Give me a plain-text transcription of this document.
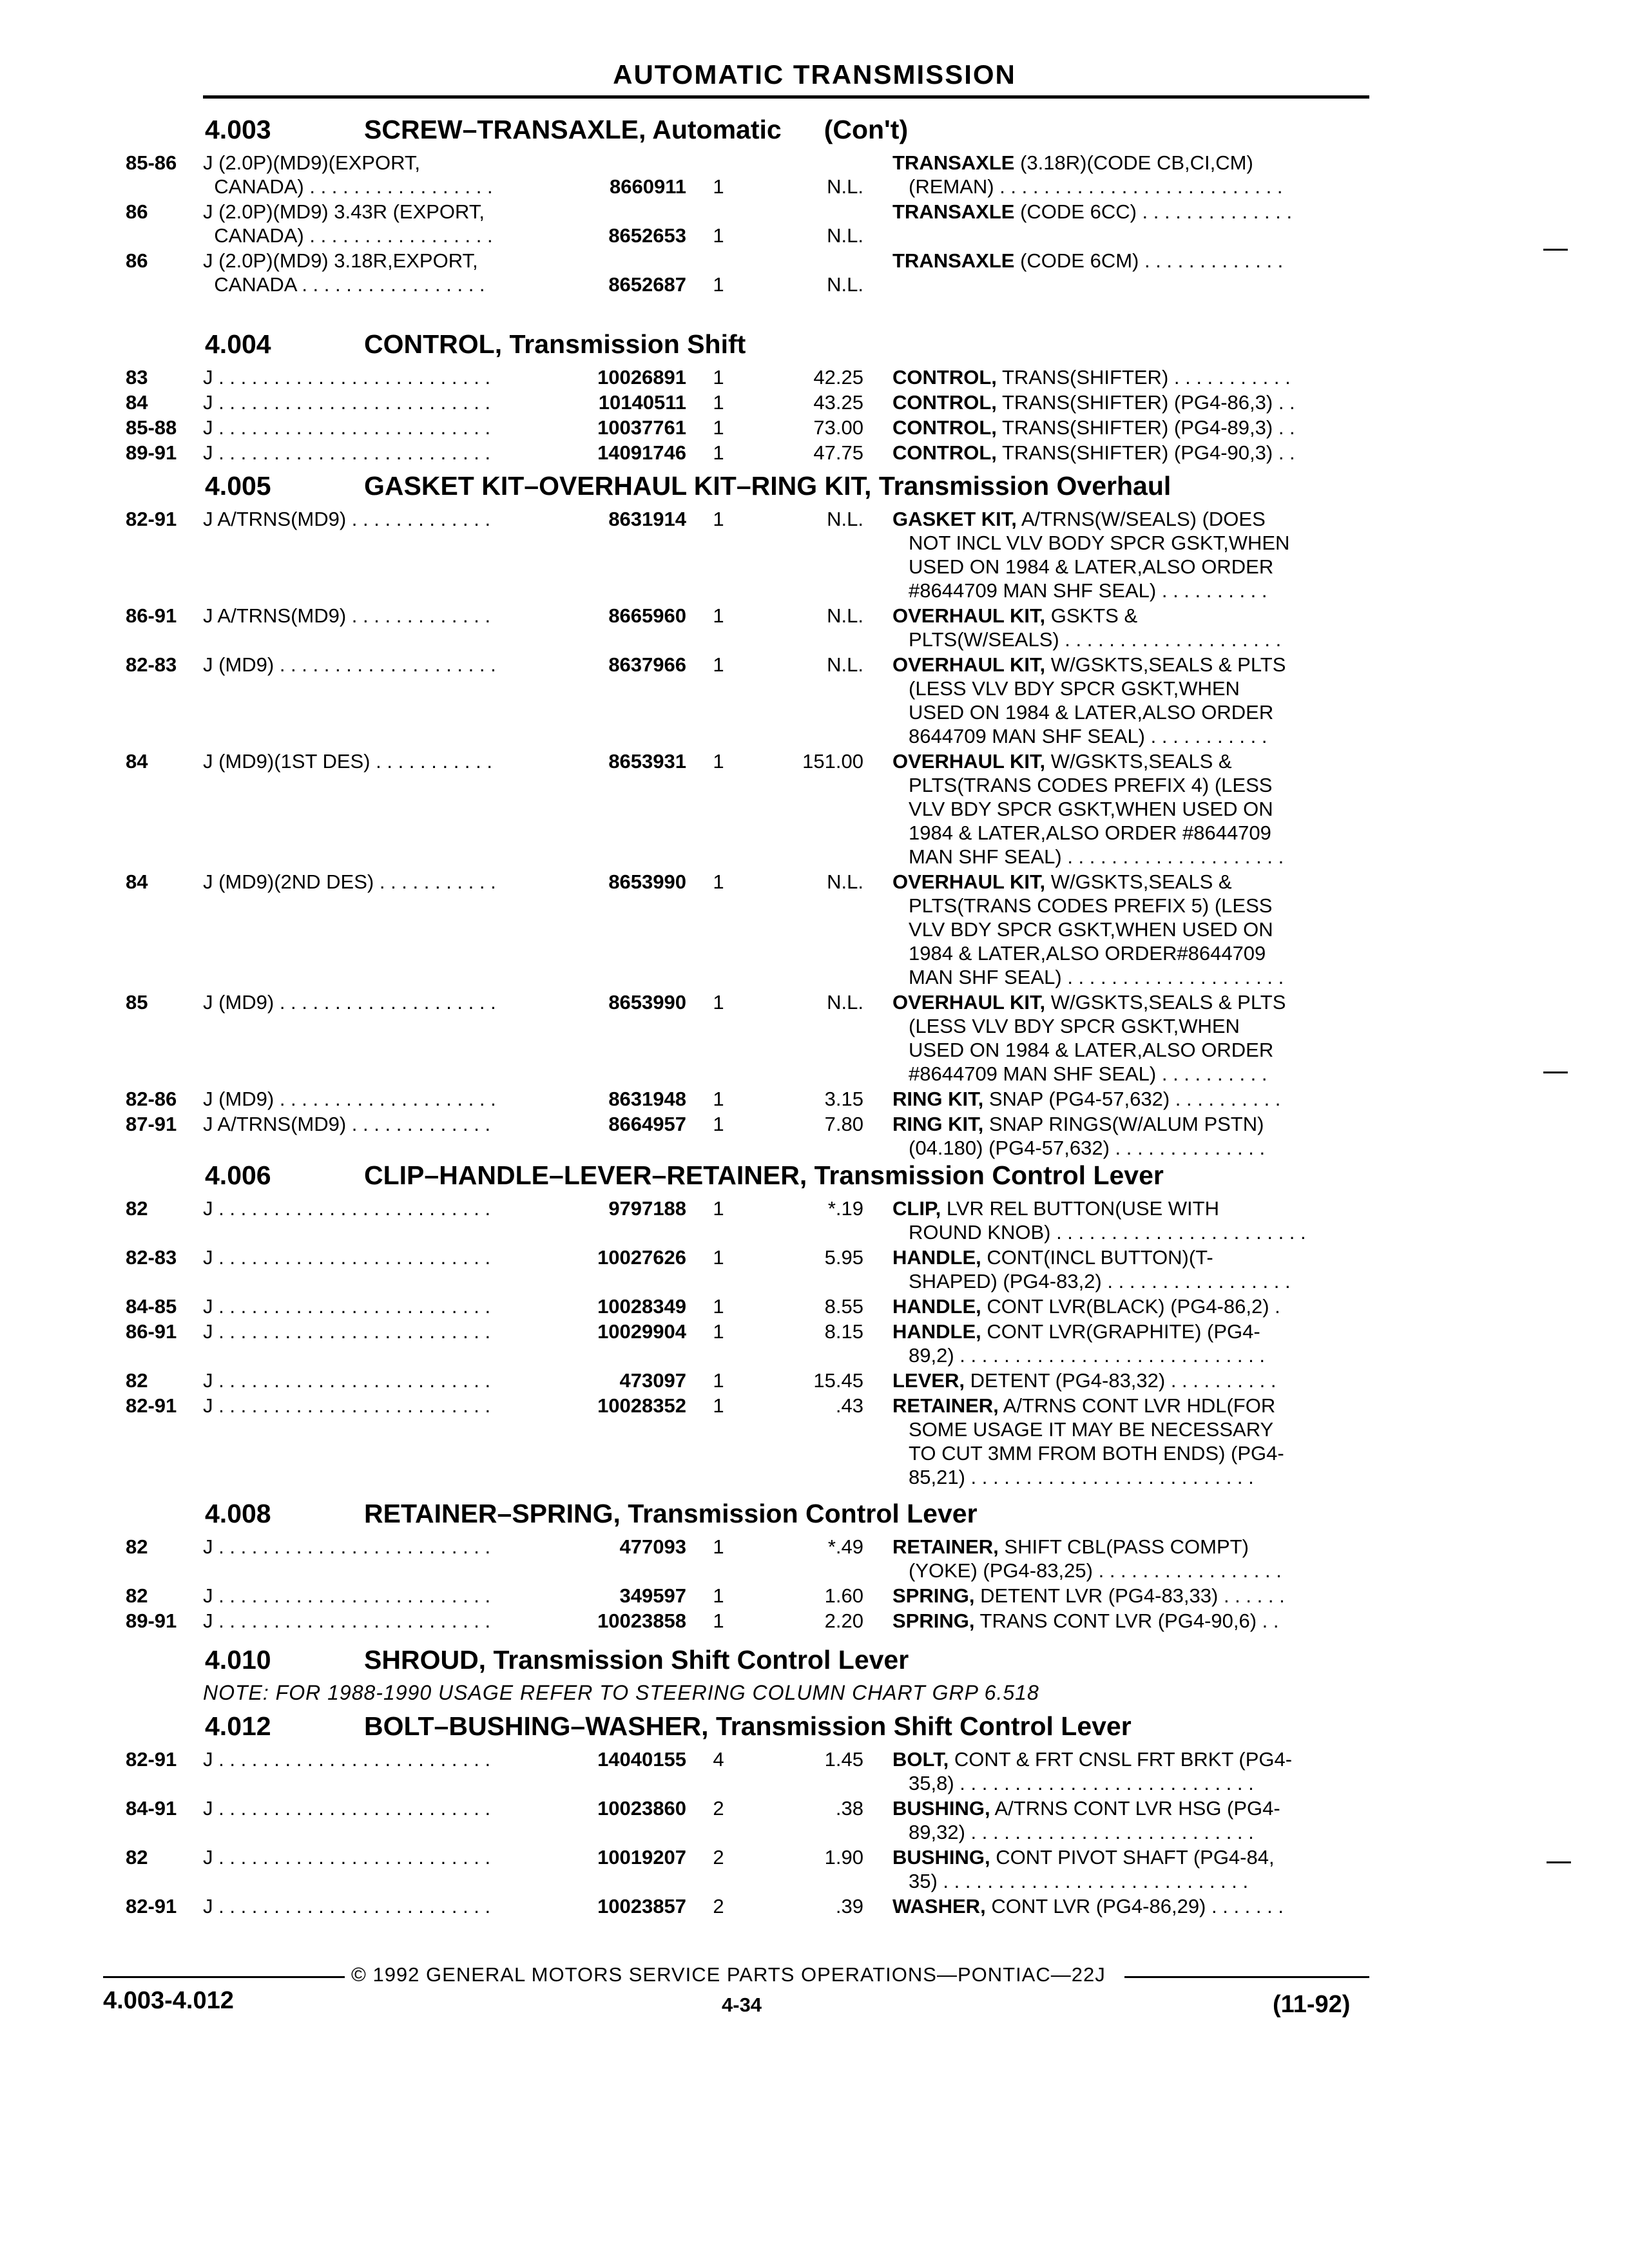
AUTOMATIC TRANSMISSION
4.003	SCREW–TRANSAXLE, Automatic (Con't)
85-86	J (2.0P)(MD9)(EXPORT,
CANADA) . . . . . . . . . . . . . . . . .	8660911	1	N.L.
TRANSAXLE (3.18R)(CODE CB,CI,CM)
(REMAN) . . . . . . . . . . . . . . . . . . . . . . . . . .
86	J (2.0P)(MD9) 3.43R (EXPORT,
CANADA) . . . . . . . . . . . . . . . . .	8652653	1	N.L.
TRANSAXLE (CODE 6CC) . . . . . . . . . . . . . .
86	J (2.0P)(MD9) 3.18R,EXPORT,
CANADA . . . . . . . . . . . . . . . . .	8652687	1	N.L.
TRANSAXLE (CODE 6CM) . . . . . . . . . . . . .
4.004	CONTROL, Transmission Shift
83	J . . . . . . . . . . . . . . . . . . . . . . . . .	10026891	1	42.25 CONTROL, TRANS(SHIFTER) . . . . . . . . . . .
84	J . . . . . . . . . . . . . . . . . . . . . . . . .	10140511	1	43.25 CONTROL, TRANS(SHIFTER) (PG4-86,3) . .
85-88	J . . . . . . . . . . . . . . . . . . . . . . . . .	10037761	1	73.00 CONTROL, TRANS(SHIFTER) (PG4-89,3) . .
89-91	J . . . . . . . . . . . . . . . . . . . . . . . . .	14091746	1	47.75 CONTROL, TRANS(SHIFTER) (PG4-90,3) . .
4.005	GASKET KIT–OVERHAUL KIT–RING KIT, Transmission Overhaul
82-91	J A/TRNS(MD9) . . . . . . . . . . . . .	8631914	1	N.L. GASKET KIT, A/TRNS(W/SEALS) (DOES
NOT INCL VLV BODY SPCR GSKT,WHEN
USED ON 1984 & LATER,ALSO ORDER
#8644709 MAN SHF SEAL) . . . . . . . . . .
86-91	J A/TRNS(MD9) . . . . . . . . . . . . .	8665960	1	N.L. OVERHAUL KIT, GSKTS &
PLTS(W/SEALS) . . . . . . . . . . . . . . . . . . . .
82-83	J (MD9) . . . . . . . . . . . . . . . . . . . .	8637966	1	N.L. OVERHAUL KIT, W/GSKTS,SEALS & PLTS
(LESS VLV BDY SPCR GSKT,WHEN
USED ON 1984 & LATER,ALSO ORDER
8644709 MAN SHF SEAL) . . . . . . . . . . .
84	J (MD9)(1ST DES) . . . . . . . . . . .	8653931	1	151.00 OVERHAUL KIT, W/GSKTS,SEALS &
PLTS(TRANS CODES PREFIX 4) (LESS
VLV BDY SPCR GSKT,WHEN USED ON
1984 & LATER,ALSO ORDER #8644709
MAN SHF SEAL) . . . . . . . . . . . . . . . . . . . .
84	J (MD9)(2ND DES) . . . . . . . . . . .	8653990	1	N.L. OVERHAUL KIT, W/GSKTS,SEALS &
PLTS(TRANS CODES PREFIX 5) (LESS
VLV BDY SPCR GSKT,WHEN USED ON
1984 & LATER,ALSO ORDER#8644709
MAN SHF SEAL) . . . . . . . . . . . . . . . . . . . .
85	J (MD9) . . . . . . . . . . . . . . . . . . . .	8653990	1	N.L. OVERHAUL KIT, W/GSKTS,SEALS & PLTS
(LESS VLV BDY SPCR GSKT,WHEN
USED ON 1984 & LATER,ALSO ORDER
#8644709 MAN SHF SEAL) . . . . . . . . . .
82-86	J (MD9) . . . . . . . . . . . . . . . . . . . .	8631948	1	3.15 RING KIT, SNAP (PG4-57,632) . . . . . . . . . .
87-91	J A/TRNS(MD9) . . . . . . . . . . . . .	8664957	1	7.80 RING KIT, SNAP RINGS(W/ALUM PSTN)
(04.180) (PG4-57,632) . . . . . . . . . . . . . .
4.006	CLIP–HANDLE–LEVER–RETAINER, Transmission Control Lever
82	J . . . . . . . . . . . . . . . . . . . . . . . . .	9797188	1	*.19 CLIP, LVR REL BUTTON(USE WITH
ROUND KNOB) . . . . . . . . . . . . . . . . . . . . . . .
82-83	J . . . . . . . . . . . . . . . . . . . . . . . . .	10027626	1	5.95 HANDLE, CONT(INCL BUTTON)(T-
SHAPED) (PG4-83,2) . . . . . . . . . . . . . . . . .
84-85	J . . . . . . . . . . . . . . . . . . . . . . . . .	10028349	1	8.55 HANDLE, CONT LVR(BLACK) (PG4-86,2) .
86-91	J . . . . . . . . . . . . . . . . . . . . . . . . .	10029904	1	8.15 HANDLE, CONT LVR(GRAPHITE) (PG4-
89,2) . . . . . . . . . . . . . . . . . . . . . . . . . . . .
82	J . . . . . . . . . . . . . . . . . . . . . . . . .	473097	1	15.45 LEVER, DETENT (PG4-83,32) . . . . . . . . . .
82-91	J . . . . . . . . . . . . . . . . . . . . . . . . .	10028352	1	.43 RETAINER, A/TRNS CONT LVR HDL(FOR
SOME USAGE IT MAY BE NECESSARY
TO CUT 3MM FROM BOTH ENDS) (PG4-
85,21) . . . . . . . . . . . . . . . . . . . . . . . . . .
4.008	RETAINER–SPRING, Transmission Control Lever
82	J . . . . . . . . . . . . . . . . . . . . . . . . .	477093	1	*.49 RETAINER, SHIFT CBL(PASS COMPT)
(YOKE) (PG4-83,25) . . . . . . . . . . . . . . . . .
82	J . . . . . . . . . . . . . . . . . . . . . . . . .	349597	1	1.60 SPRING, DETENT LVR (PG4-83,33) . . . . . .
89-91	J . . . . . . . . . . . . . . . . . . . . . . . . .	10023858	1	2.20 SPRING, TRANS CONT LVR (PG4-90,6) . .
4.010	SHROUD, Transmission Shift Control Lever
NOTE: FOR 1988-1990 USAGE REFER TO STEERING COLUMN CHART GRP 6.518
4.012	BOLT–BUSHING–WASHER, Transmission Shift Control Lever
82-91	J . . . . . . . . . . . . . . . . . . . . . . . . .	14040155	4	1.45 BOLT, CONT & FRT CNSL FRT BRKT (PG4-
35,8) . . . . . . . . . . . . . . . . . . . . . . . . . . .
84-91	J . . . . . . . . . . . . . . . . . . . . . . . . .	10023860	2	.38 BUSHING, A/TRNS CONT LVR HSG (PG4-
89,32) . . . . . . . . . . . . . . . . . . . . . . . . . .
82	J . . . . . . . . . . . . . . . . . . . . . . . . .	10019207	2	1.90 BUSHING, CONT PIVOT SHAFT (PG4-84,
35) . . . . . . . . . . . . . . . . . . . . . . . . . . . .
82-91	J . . . . . . . . . . . . . . . . . . . . . . . . .	10023857	2	.39 WASHER, CONT LVR (PG4-86,29) . . . . . . .
© 1992 GENERAL MOTORS SERVICE PARTS OPERATIONS—PONTIAC—22J
4.003-4.012	4-34	(11-92)
